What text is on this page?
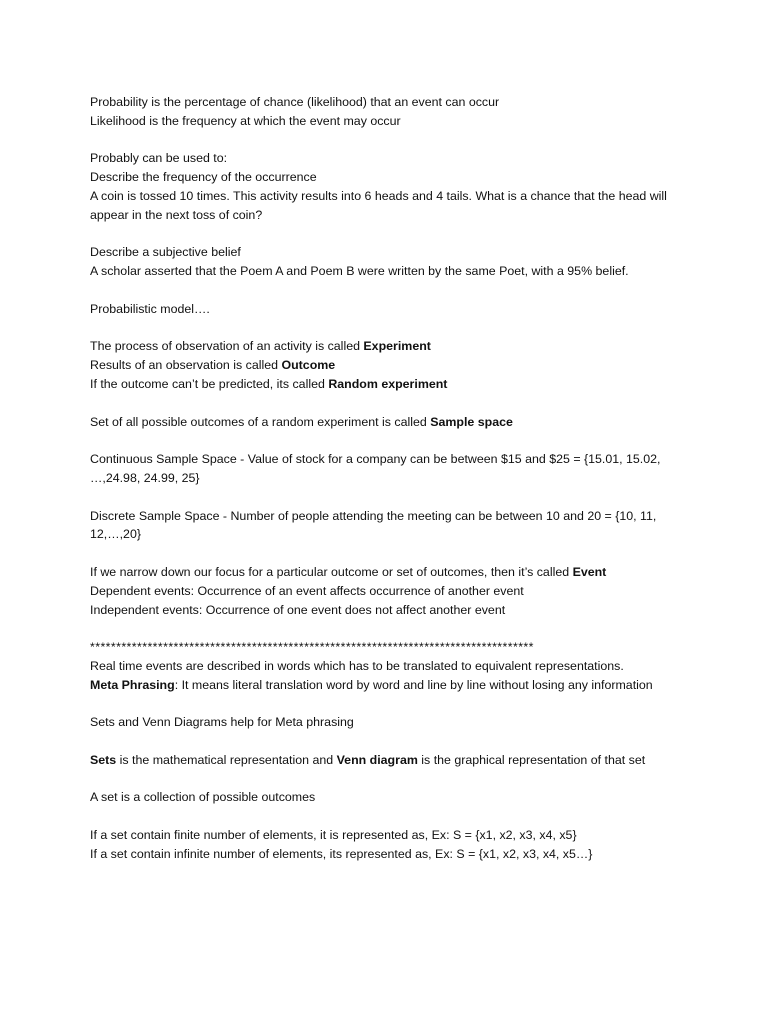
Probability is the percentage of chance (likelihood) that an event can occur
Likelihood is the frequency at which the event may occur
Probably can be used to:
Describe the frequency of the occurrence
A coin is tossed 10 times. This activity results into 6 heads and 4 tails. What is a chance that the head will appear in the next toss of coin?
Describe a subjective belief
A scholar asserted that the Poem A and Poem B were written by the same Poet, with a 95% belief.
Probabilistic model….
The process of observation of an activity is called Experiment
Results of an observation is called Outcome
If the outcome can’t be predicted, its called Random experiment
Set of all possible outcomes of a random experiment is called Sample space
Continuous Sample Space - Value of stock for a company can be between $15 and $25 = {15.01, 15.02, …,24.98, 24.99, 25}
Discrete Sample Space - Number of people attending the meeting can be between 10 and 20 = {10, 11, 12,…,20}
If we narrow down our focus for a particular outcome or set of outcomes, then it’s called Event
Dependent events: Occurrence of an event affects occurrence of another event
Independent events: Occurrence of one event does not affect another event
*************************************************************************************
Real time events are described in words which has to be translated to equivalent representations.
Meta Phrasing: It means literal translation word by word and line by line without losing any information
Sets and Venn Diagrams help for Meta phrasing
Sets is the mathematical representation and Venn diagram is the graphical representation of that set
A set is a collection of possible outcomes
If a set contain finite number of elements, it is represented as, Ex: S = {x1, x2, x3, x4, x5}
If a set contain infinite number of elements, its represented as, Ex: S = {x1, x2, x3, x4, x5…}
